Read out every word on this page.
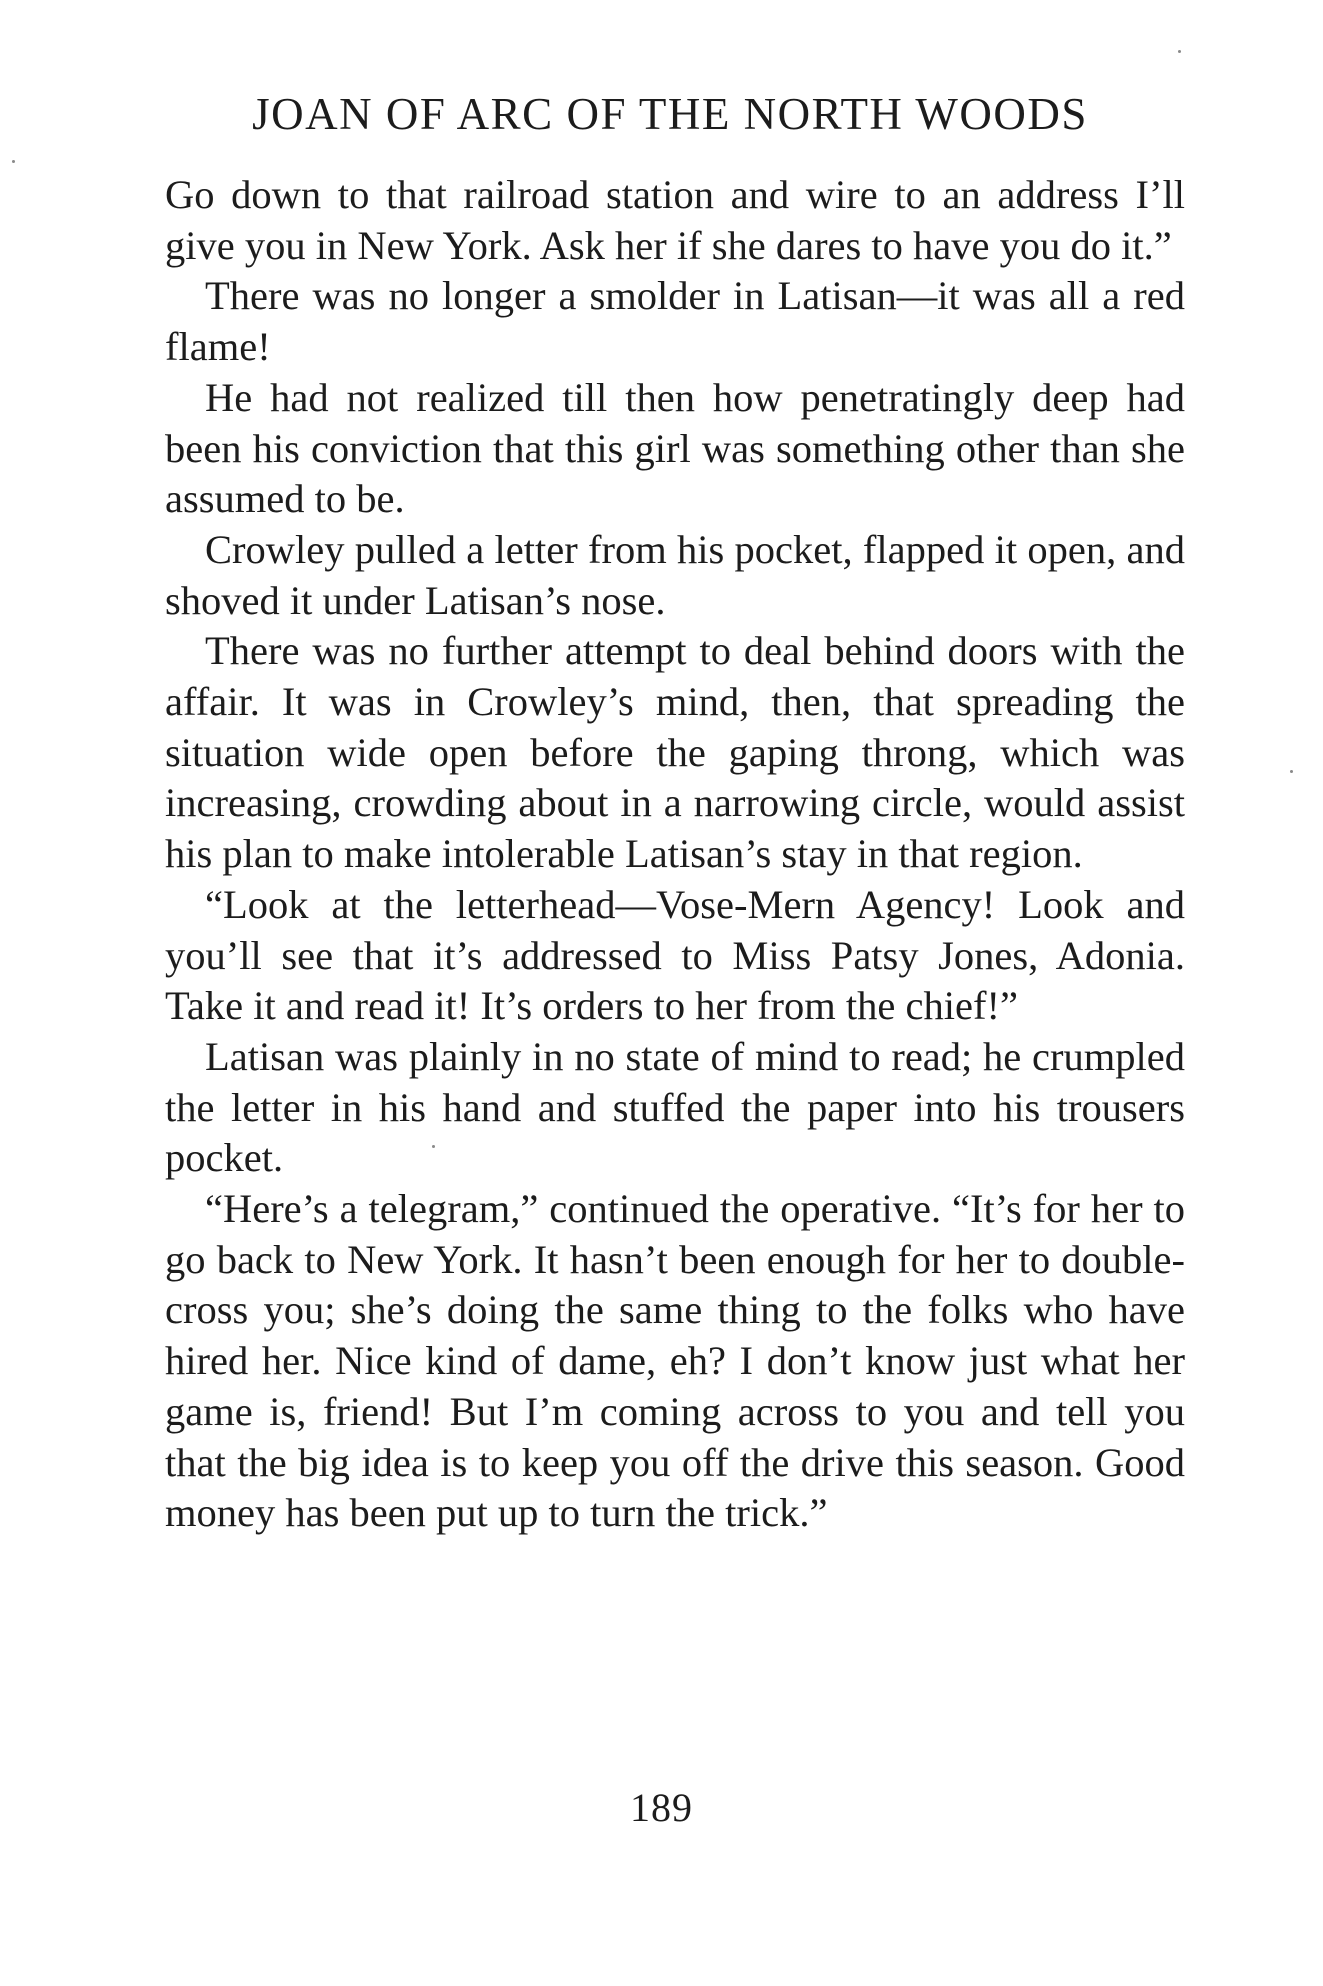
JOAN OF ARC OF THE NORTH WOODS

Go down to that railroad station and wire to an address I’ll give you in New York. Ask her if she dares to have you do it.”

There was no longer a smolder in Latisan—it was all a red flame!

He had not realized till then how penetratingly deep had been his conviction that this girl was something other than she assumed to be.

Crowley pulled a letter from his pocket, flapped it open, and shoved it under Latisan’s nose.

There was no further attempt to deal behind doors with the affair. It was in Crowley’s mind, then, that spreading the situation wide open before the gaping throng, which was increasing, crowding about in a narrowing circle, would assist his plan to make intolerable Latisan’s stay in that region.

“Look at the letterhead—Vose-Mern Agency! Look and you’ll see that it’s addressed to Miss Patsy Jones, Adonia. Take it and read it! It’s orders to her from the chief!”

Latisan was plainly in no state of mind to read; he crumpled the letter in his hand and stuffed the paper into his trousers pocket.

“Here’s a telegram,” continued the operative. “It’s for her to go back to New York. It hasn’t been enough for her to double-cross you; she’s doing the same thing to the folks who have hired her. Nice kind of dame, eh? I don’t know just what her game is, friend! But I’m coming across to you and tell you that the big idea is to keep you off the drive this season. Good money has been put up to turn the trick.”

189
